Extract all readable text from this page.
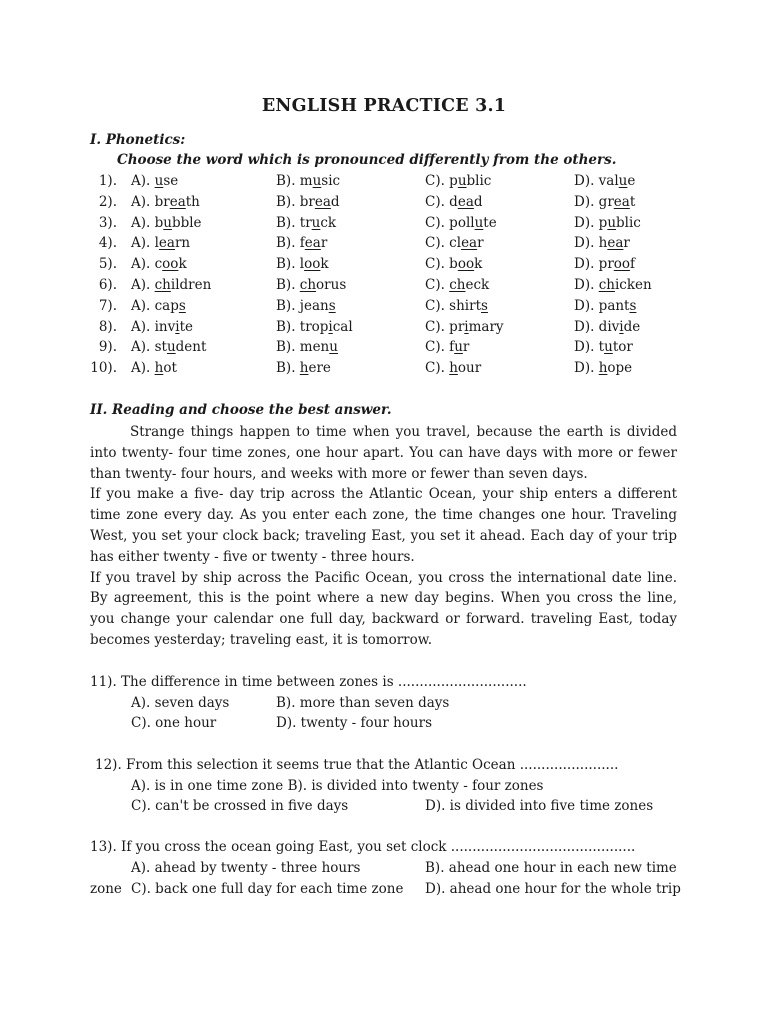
ENGLISH PRACTICE 3.1
I. Phonetics:
Choose the word which is pronounced differently from the others.
1). A). use	B). music	C). public	D). value
2). A). breath	B). bread	C). dead	D). great
3). A). bubble	B). truck	C). pollute	D). public
4). A). learn	B). fear	C). clear	D). hear
5). A). cook	B). look	C). book	D). proof
6). A). children	B). chorus	C). check	D). chicken
7). A). caps	B). jeans	C). shirts	D). pants
8). A). invite	B). tropical	C). primary	D). divide
9). A). student	B). menu	C). fur	D). tutor
10). A). hot	B). here	C). hour	D). hope
II. Reading and choose the best answer.

Strange things happen to time when you travel, because the earth is divided into twenty- four time zones, one hour apart. You can have days with more or fewer than twenty- four hours, and weeks with more or fewer than seven days.

If you make a five- day trip across the Atlantic Ocean, your ship enters a different time zone every day. As you enter each zone, the time changes one hour. Traveling West, you set your clock back; traveling East, you set it ahead. Each day of your trip has either twenty - five or twenty - three hours.

If you travel by ship across the Pacific Ocean, you cross the international date line. By agreement, this is the point where a new day begins. When you cross the line, you change your calendar one full day, backward or forward. traveling East, today becomes yesterday; traveling east, it is tomorrow.

11). The difference in time between zones is ..............................
A). seven days	B). more than seven days
C). one hour	D). twenty - four hours
12). From this selection it seems true that the Atlantic Ocean .......................
A). is in one time zone B). is divided into twenty - four zones
C). can't be crossed in five days	D). is divided into five time zones
13). If you cross the ocean going East, you set clock ...........................................
A). ahead by twenty - three hours	B). ahead one hour in each new time
zone C). back one full day for each time zone D). ahead one hour for the whole trip
